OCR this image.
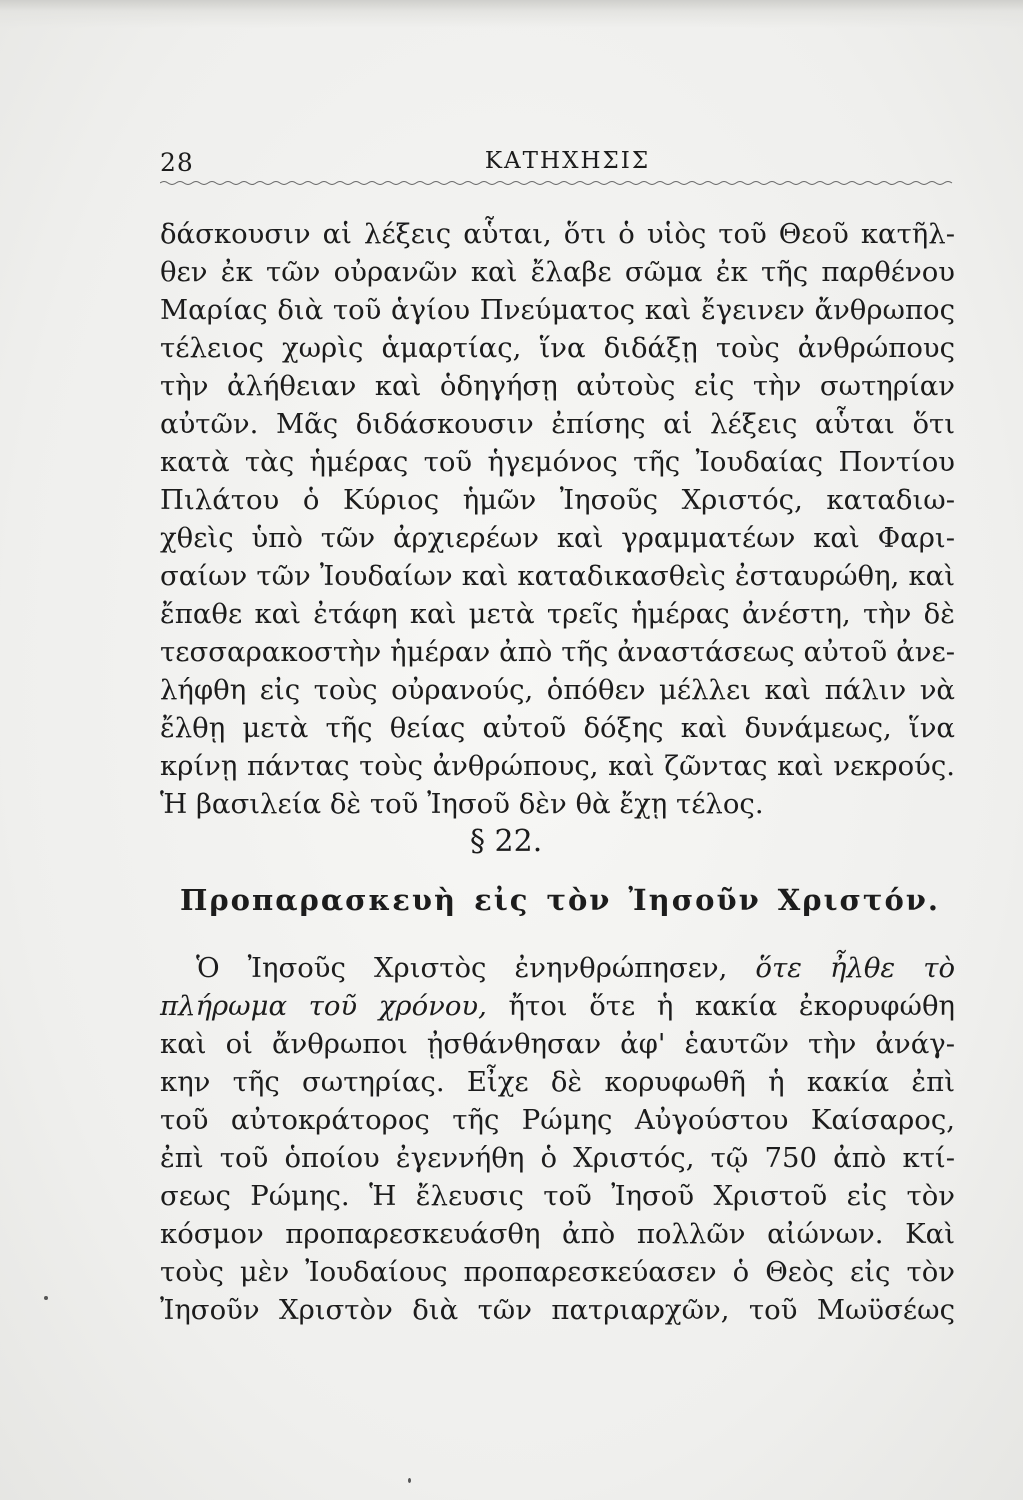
28	ΚΑΤΗΧΗΣΙΣ
δάσκουσιν αἱ λέξεις αὗται, ὅτι ὁ υἱὸς τοῦ Θεοῦ κατῆλ-
θεν ἐκ τῶν οὐρανῶν καὶ ἔλαβε σῶμα ἐκ τῆς παρθένου
Μαρίας διὰ τοῦ ἁγίου Πνεύματος καὶ ἔγεινεν ἄνθρωπος
τέλειος χωρὶς ἁμαρτίας, ἵνα διδάξῃ τοὺς ἀνθρώπους
τὴν ἀλήθειαν καὶ ὁδηγήσῃ αὐτοὺς εἰς τὴν σωτηρίαν
αὐτῶν. Μᾶς διδάσκουσιν ἐπίσης αἱ λέξεις αὗται ὅτι
κατὰ τὰς ἡμέρας τοῦ ἡγεμόνος τῆς Ἰουδαίας Ποντίου
Πιλάτου ὁ Κύριος ἡμῶν Ἰησοῦς Χριστός, καταδιω-
χθεὶς ὑπὸ τῶν ἀρχιερέων καὶ γραμματέων καὶ Φαρι-
σαίων τῶν Ἰουδαίων καὶ καταδικασθεὶς ἐσταυρώθη, καὶ
ἔπαθε καὶ ἐτάφη καὶ μετὰ τρεῖς ἡμέρας ἀνέστη, τὴν δὲ
τεσσαρακοστὴν ἡμέραν ἀπὸ τῆς ἀναστάσεως αὐτοῦ ἀνε-
λήφθη εἰς τοὺς οὐρανούς, ὁπόθεν μέλλει καὶ πάλιν νὰ
ἔλθῃ μετὰ τῆς θείας αὐτοῦ δόξης καὶ δυνάμεως, ἵνα
κρίνῃ πάντας τοὺς ἀνθρώπους, καὶ ζῶντας καὶ νεκρούς.
Ἡ βασιλεία δὲ τοῦ Ἰησοῦ δὲν θὰ ἔχῃ τέλος.
§ 22.
Προπαρασκευὴ εἰς τὸν Ἰησοῦν Χριστόν.
Ὁ Ἰησοῦς Χριστὸς ἐνηνθρώπησεν, ὅτε ἦλθε τὸ
πλήρωμα τοῦ χρόνου, ἤτοι ὅτε ἡ κακία ἐκορυφώθη
καὶ οἱ ἄνθρωποι ᾐσθάνθησαν ἀφ' ἑαυτῶν τὴν ἀνάγ-
κην τῆς σωτηρίας. Εἶχε δὲ κορυφωθῆ ἡ κακία ἐπὶ
τοῦ αὐτοκράτορος τῆς Ρώμης Αὐγούστου Καίσαρος,
ἐπὶ τοῦ ὁποίου ἐγεννήθη ὁ Χριστός, τῷ 750 ἀπὸ κτί-
σεως Ρώμης. Ἡ ἔλευσις τοῦ Ἰησοῦ Χριστοῦ εἰς τὸν
κόσμον προπαρεσκευάσθη ἀπὸ πολλῶν αἰώνων. Καὶ
τοὺς μὲν Ἰουδαίους προπαρεσκεύασεν ὁ Θεὸς εἰς τὸν
Ἰησοῦν Χριστὸν διὰ τῶν πατριαρχῶν, τοῦ Μωϋσέως
